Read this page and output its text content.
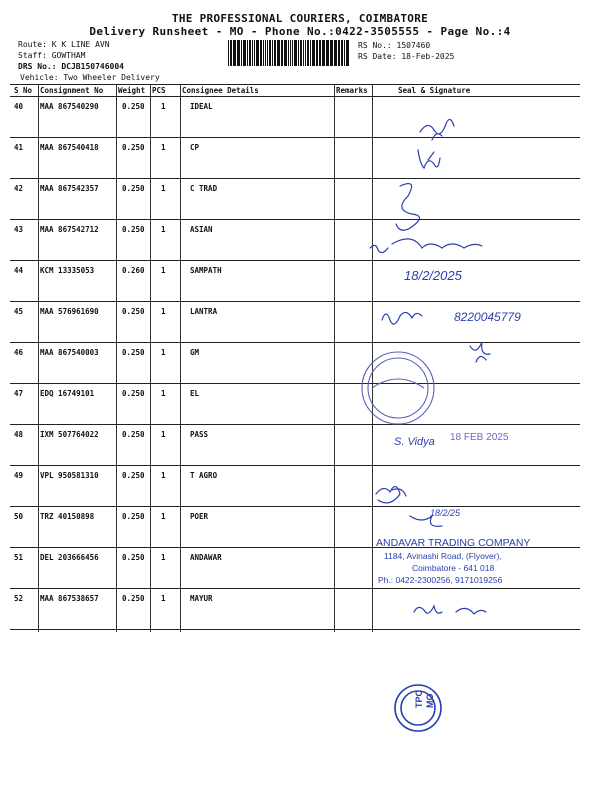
THE PROFESSIONAL COURIERS, COIMBATORE
Delivery Runsheet - MO - Phone No.:0422-3505555 - Page No.:4
Route: K K LINE AVN
Staff: GOWTHAM
DRS No.: DCJB150746004
Vehicle: Two Wheeler Delivery
RS No.: 1507460
RS Date: 18-Feb-2025
S No Consignment No Weight PCS Consignee Details	Remarks	Seal & Signature
40 MAA 867540290	0.250 1	IDEAL
41 MAA 867540418	0.250 1	CP
42 MAA 867542357	0.250 1	C TRAD
43 MAA 867542712	0.250 1	ASIAN
44 KCM 13335053	0.260 1	SAMPATH
45 MAA 576961690	0.250 1	LANTRA
46 MAA 867540003	0.250 1	GM
47 EDQ 16749101	0.250 1	EL
48 IXM 507764022	0.250 1	PASS
49 VPL 950581310	0.250 1	T AGRO
50 TRZ 40150898	0.250 1	POER
51 DEL 203666456	0.250 1	ANDAWAR
52 MAA 867538657	0.250 1	MAYUR
TPC MO
18/2/2025
8220045779
S. Vidya 18 FEB 2025
18/2/25
ANDAVAR TRADING COMPANY
1184, Avinashi Road, (Flyover),
Coimbatore - 641 018
Ph.: 0422-2300256, 9171019256
